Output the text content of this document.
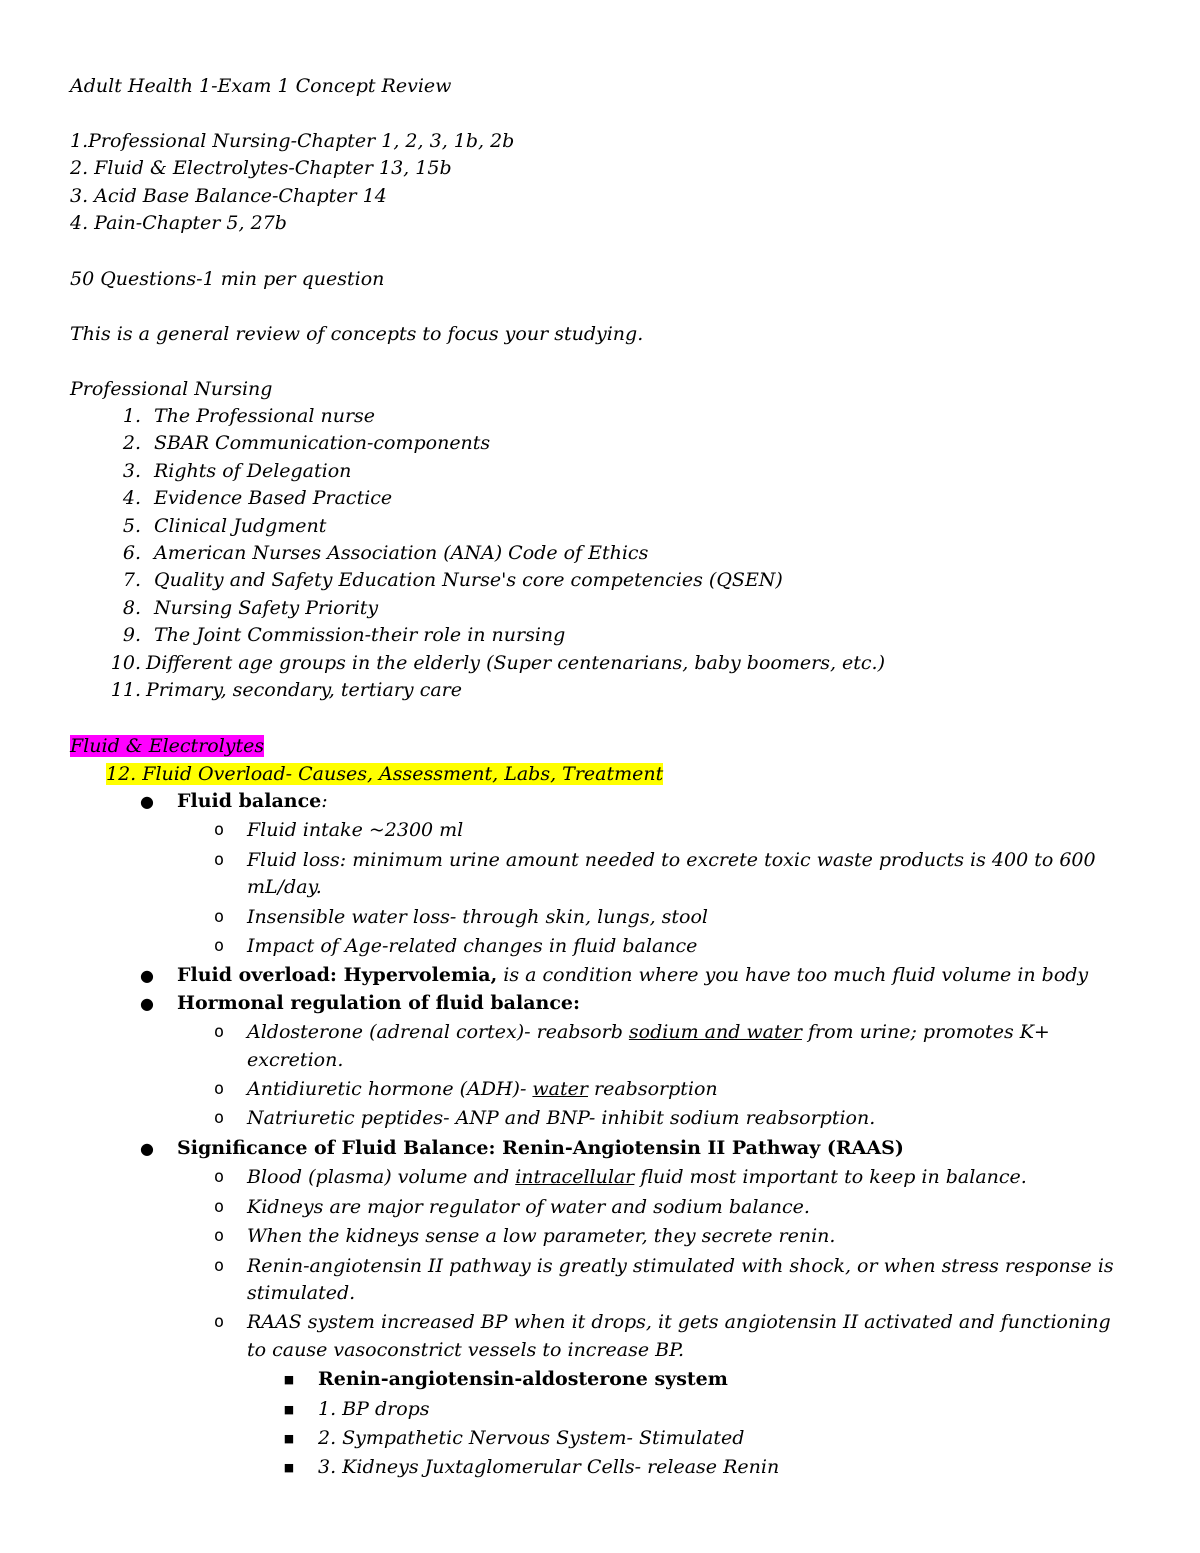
Adult Health 1-Exam 1 Concept Review
1.Professional Nursing-Chapter 1, 2, 3, 1b, 2b
2. Fluid & Electrolytes-Chapter 13, 15b
3. Acid Base Balance-Chapter 14
4. Pain-Chapter 5, 27b
50 Questions-1 min per question
This is a general review of concepts to focus your studying.
Professional Nursing
1. The Professional nurse
2. SBAR Communication-components
3. Rights of Delegation
4. Evidence Based Practice
5. Clinical Judgment
6. American Nurses Association (ANA) Code of Ethics
7. Quality and Safety Education Nurse's core competencies (QSEN)
8. Nursing Safety Priority
9. The Joint Commission-their role in nursing
10. Different age groups in the elderly (Super centenarians, baby boomers, etc.)
11. Primary, secondary, tertiary care
Fluid & Electrolytes
12. Fluid Overload- Causes, Assessment, Labs, Treatment
● Fluid balance:
o Fluid intake ~2300 ml
o Fluid loss: minimum urine amount needed to excrete toxic waste products is 400 to 600 mL/day.
o Insensible water loss- through skin, lungs, stool
o Impact of Age-related changes in fluid balance
● Fluid overload: Hypervolemia, is a condition where you have too much fluid volume in body
● Hormonal regulation of fluid balance:
o Aldosterone (adrenal cortex)- reabsorb sodium and water from urine; promotes K+ excretion.
o Antidiuretic hormone (ADH)- water reabsorption
o Natriuretic peptides- ANP and BNP- inhibit sodium reabsorption.
● Significance of Fluid Balance: Renin-Angiotensin II Pathway (RAAS)
o Blood (plasma) volume and intracellular fluid most important to keep in balance.
o Kidneys are major regulator of water and sodium balance.
o When the kidneys sense a low parameter, they secrete renin.
o Renin-angiotensin II pathway is greatly stimulated with shock, or when stress response is stimulated.
o RAAS system increased BP when it drops, it gets angiotensin II activated and functioning to cause vasoconstrict vessels to increase BP.
■ Renin-angiotensin-aldosterone system
■ 1. BP drops
■ 2. Sympathetic Nervous System- Stimulated
■ 3. Kidneys Juxtaglomerular Cells- release Renin
